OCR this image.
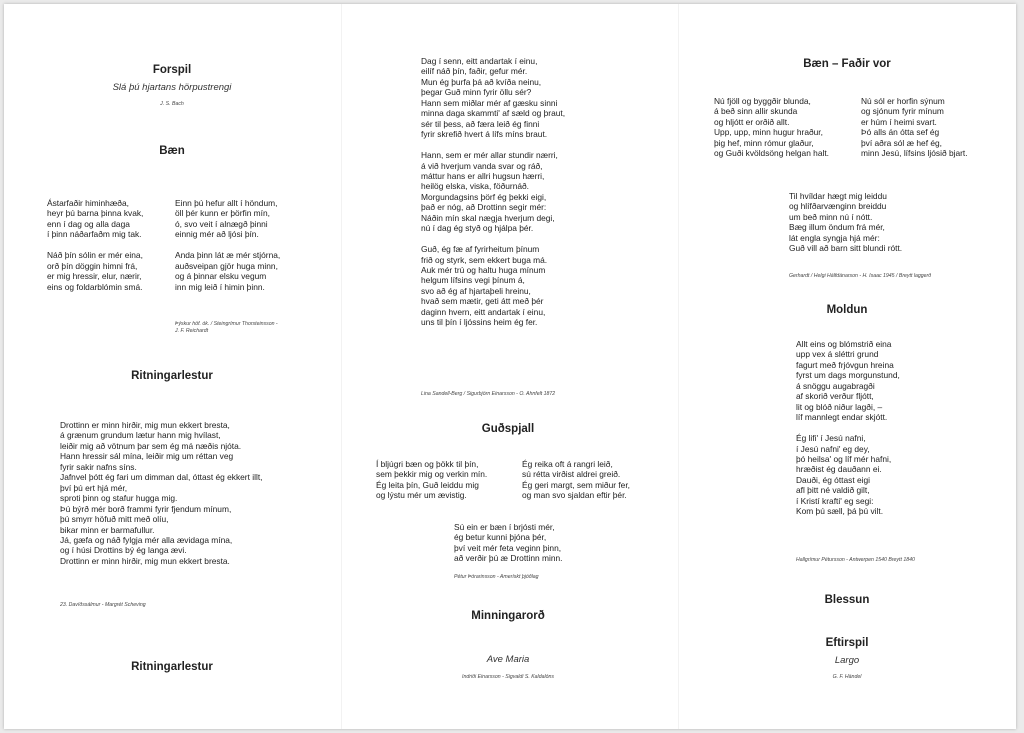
Forspil
Slá þú hjartans hörpustrengi
J. S. Bach
Bæn
Ástarfaðir himinhæða,
heyr þú barna þinna kvak,
enn í dag og alla daga
í þinn náðarfaðm mig tak.
Náð þín sólin er mér eina,
orð þín döggin himni frá,
er mig hressir, elur, nærir,
eins og foldarblómin smá.
Einn þú hefur allt í höndum,
öll þér kunn er þörfin mín,
ó, svo veit í alnægð þinni
einnig mér að ljósi þín.
Anda þinn lát æ mér stjórna,
auðsveipan gjör huga minn,
og á þinnar elsku vegum
inn mig leið í himin þinn.
Þýskur höf. ók. / Steingrímur Thorsteinsson -
J. F. Reichardt
Ritningarlestur
Drottinn er minn hirðir, mig mun ekkert bresta,
á grænum grundum lætur hann mig hvílast,
leiðir mig að vötnum þar sem ég má næðis njóta.
Hann hressir sál mína, leiðir mig um réttan veg
fyrir sakir nafns síns.
Jafnvel þótt ég fari um dimman dal, óttast ég ekkert illt,
því þú ert hjá mér,
sproti þinn og stafur hugga mig.
Þú býrð mér borð frammi fyrir fjendum mínum,
þú smyrr höfuð mitt með olíu,
bikar minn er barmafullur.
Já, gæfa og náð fylgja mér alla ævidaga mína,
og í húsi Drottins bý ég langa ævi.
Drottinn er minn hirðir, mig mun ekkert bresta.
23. Davíðssálmur - Margrét Scheving
Ritningarlestur
Dag í senn, eitt andartak í einu,
eilíf náð þín, faðir, gefur mér.
Mun ég þurfa þá að kvíða neinu,
þegar Guð minn fyrir öllu sér?
Hann sem miðlar mér af gæsku sinni
minna daga skammti' af sæld og þraut,
sér til þess, að færa leið ég finni
fyrir skrefið hvert á lífs míns braut.
Hann, sem er mér allar stundir nærri,
á við hverjum vanda svar og ráð,
máttur hans er allri hugsun hærri,
heilög elska, viska, föðurnáð.
Morgundagsins þörf ég þekki eigi,
það er nóg, að Drottinn segir mér:
Náðin mín skal nægja hverjum degi,
nú í dag ég styð og hjálpa þér.
Guð, ég fæ af fyrirheitum þínum
frið og styrk, sem ekkert buga má.
Auk mér trú og haltu huga mínum
helgum lífsins vegi þínum á,
svo að ég af hjartaþeli hreinu,
hvað sem mætir, geti átt með þér
daginn hvern, eitt andartak í einu,
uns til þín í ljóssins heim ég fer.
Lina Sandell-Berg / Sigurbjörn Einarsson - O. Ahnfelt 1872
Guðspjall
Í bljúgri bæn og þökk til þín,
sem þekkir mig og verkin mín.
Ég leita þín, Guð leiddu mig
og lýstu mér um ævistig.
Ég reika oft á rangri leið,
sú rétta virðist aldrei greið.
Ég geri margt, sem miður fer,
og man svo sjaldan eftir þér.
Sú ein er bæn í brjósti mér,
ég betur kunni þjóna þér,
því veit mér feta veginn þinn,
að verðir þú æ Drottinn minn.
Pétur Þórarinsson - Amerískt þjóðlag
Minningarorð
Ave Maria
Indriði Einarsson - Sigvaldi S. Kaldalóns
Bæn – Faðir vor
Nú fjöll og byggðir blunda,
á beð sinn allir skunda
og hljótt er orðið allt.
Upp, upp, minn hugur hraður,
þig hef, minn rómur glaður,
og Guði kvöldsöng helgan halt.
Nú sól er horfin sýnum
og sjónum fyrir mínum
er húm í heimi svart.
Þó alls án ótta sef ég
því aðra sól æ hef ég,
minn Jesú, lífsins ljósið bjart.
Til hvíldar hægt mig leiddu
og hlífðarvænginn breiddu
um beð minn nú í nótt.
Bæg illum öndum frá mér,
lát engla syngja hjá mér:
Guð vill að barn sitt blundi rótt.
Gerhardt / Helgi Hálfdánarson - H. Isaac 1945 / Breytt laggerð
Moldun
Allt eins og blómstrið eina
upp vex á sléttri grund
fagurt með frjóvgun hreina
fyrst um dags morgunstund,
á snöggu augabragði
af skorið verður fljótt,
lit og blóð niður lagði, –
líf mannlegt endar skjótt.
Ég lifi' í Jesú nafni,
í Jesú nafni' eg dey,
þó heilsa' og líf mér hafni,
hræðist ég dauðann ei.
Dauði, ég óttast eigi
afl þitt né valdið gilt,
í Kristí krafti' eg segi:
Kom þú sæll, þá þú vilt.
Hallgrímur Pétursson - Antwerpen 1540 Breytt 1840
Blessun
Eftirspil
Largo
G. F. Händel
